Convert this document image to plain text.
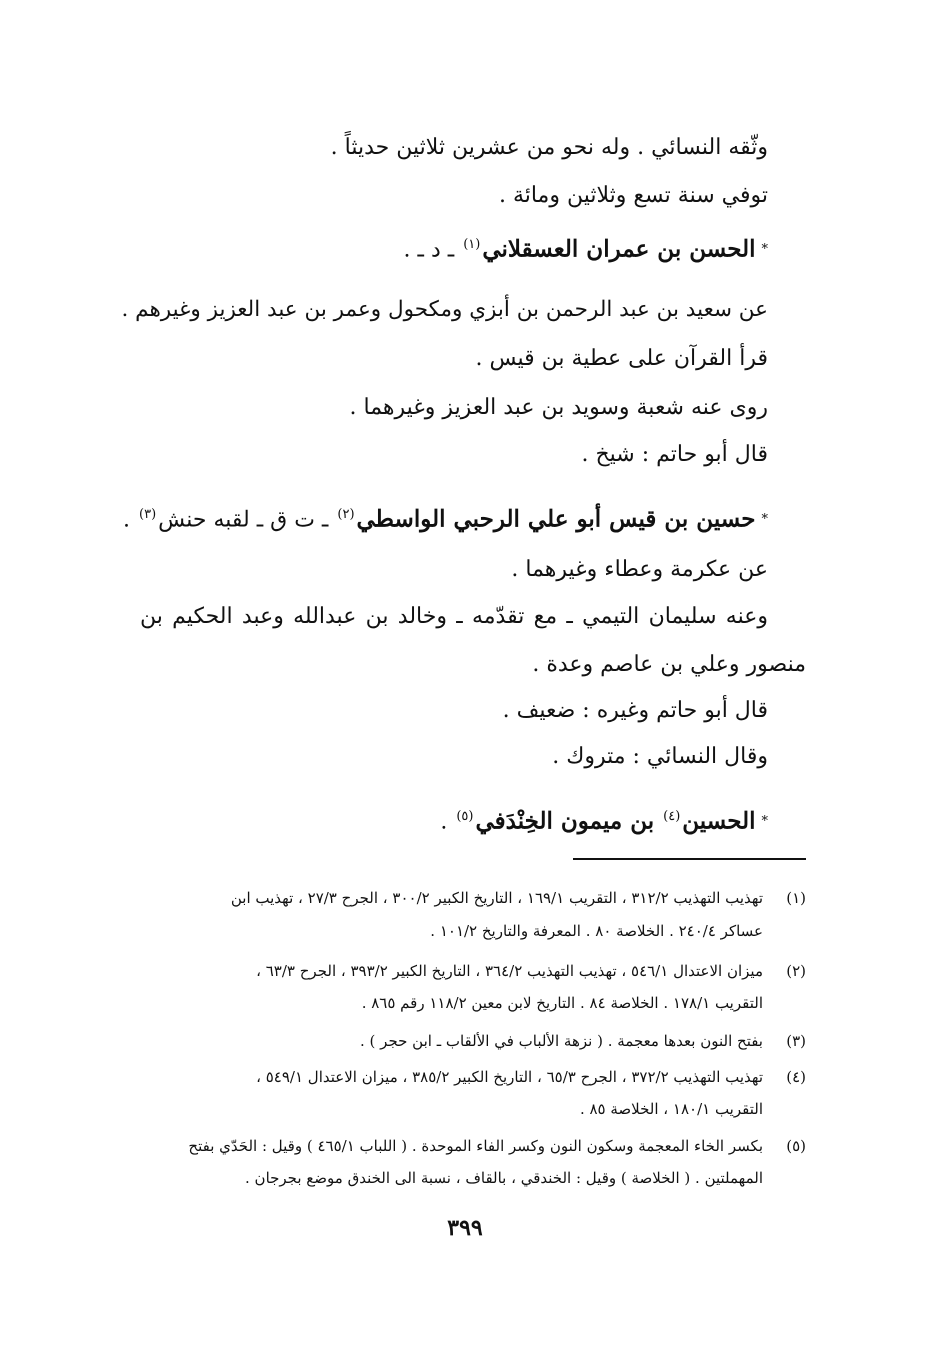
وثّقه النسائي . وله نحو من عشرين ثلاثين حديثاً .
توفي سنة تسع وثلاثين ومائة .
*الحسن بن عمران العسقلاني$^{(١)}$ ـ د ـ .
عن سعيد بن عبد الرحمن بن أبزي ومكحول وعمر بن عبد العزيز وغيرهم .
قرأ القرآن على عطية بن قيس .
روى عنه شعبة وسويد بن عبد العزيز وغيرهما .
قال أبو حاتم : شيخ .
*حسين بن قيس أبو علي الرحبي الواسطي$^{(٢)}$ ـ ت ق ـ لقبه حنش$^{(٣)}$ .
عن عكرمة وعطاء وغيرهما .
وعنه سليمان التيمي ـ مع تقدّمه ـ وخالد بن عبدالله وعبد الحكيم بن
منصور وعلي بن عاصم وعدة .
قال أبو حاتم وغيره : ضعيف .
وقال النسائي : متروك .
*الحسين$^{(٤)}$ بن ميمون الخِنْدَفي$^{(٥)}$ .
(١)
تهذيب التهذيب ٣١٢/٢ ، التقريب ١٦٩/١ ، التاريخ الكبير ٣٠٠/٢ ، الجرح ٢٧/٣ ، تهذيب ابن
عساكر ٢٤٠/٤ . الخلاصة ٨٠ . المعرفة والتاريخ ١٠١/٢ .
(٢)
ميزان الاعتدال ٥٤٦/١ ، تهذيب التهذيب ٣٦٤/٢ ، التاريخ الكبير ٣٩٣/٢ ، الجرح ٦٣/٣ ،
التقريب ١٧٨/١ . الخلاصة ٨٤ . التاريخ لابن معين ١١٨/٢ رقم ٨٦٥ .
(٣)
بفتح النون بعدها معجمة . ( نزهة الألباب في الألقاب ـ ابن حجر ) .
(٤)
تهذيب التهذيب ٣٧٢/٢ ، الجرح ٦٥/٣ ، التاريخ الكبير ٣٨٥/٢ ، ميزان الاعتدال ٥٤٩/١ ،
التقريب ١٨٠/١ ، الخلاصة ٨٥ .
(٥)
بكسر الخاء المعجمة وسكون النون وكسر الفاء الموحدة . ( اللباب ٤٦٥/١ ) وقيل : الحَدّي بفتح
المهملتين . ( الخلاصة ) وقيل : الخندقي ، بالقاف ، نسبة الى الخندق موضع بجرجان .
٣٩٩
